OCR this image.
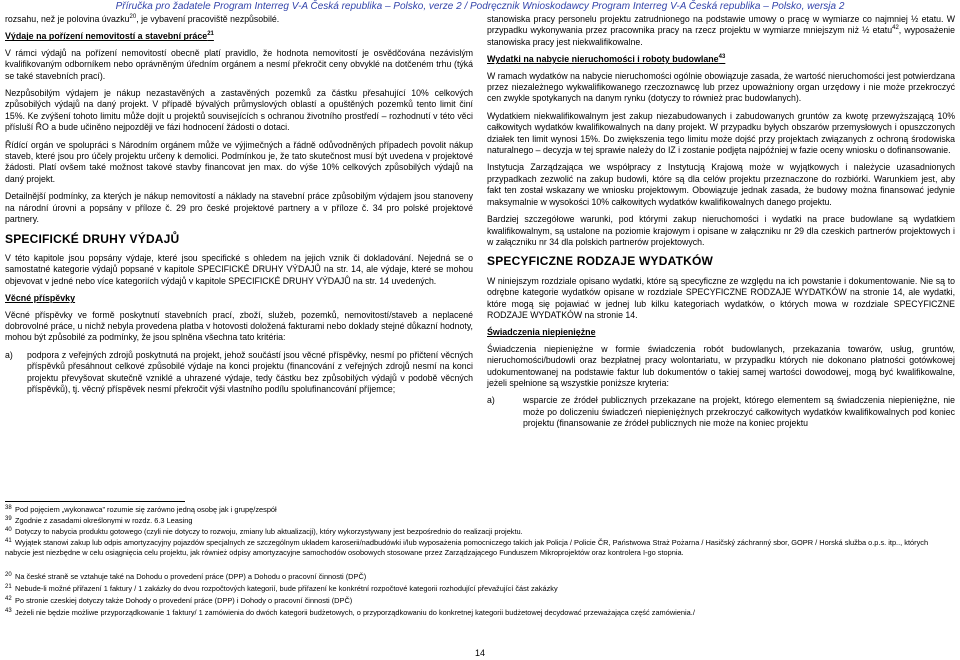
Příručka pro žadatele Program Interreg V-A Česká republika – Polsko, verze 2 / Podręcznik Wnioskodawcy Program Interreg V-A Česká republika – Polsko, wersja 2

rozsahu, než je polovina úvazku$^{20}$, je vybavení pracoviště nezpůsobilé.

Výdaje na pořízení nemovitostí a stavební práce$^{21}$

V rámci výdajů na pořízení nemovitostí obecně platí pravidlo, že hodnota nemovitostí je osvědčována nezávislým kvalifikovaným odborníkem nebo oprávněným úředním orgánem a nesmí překročit ceny obvyklé na dotčeném trhu (týká se také stavebních prací).

Nezpůsobilým výdajem je nákup nezastavěných a zastavěných pozemků za částku přesahující 10% celkových způsobilých výdajů na daný projekt. V případě bývalých průmyslových oblastí a opuštěných pozemků tento limit činí 15%. Ke zvýšení tohoto limitu může dojít u projektů souvisejících s ochranou životního prostředí – rozhodnutí v této věci přísluší ŘO a bude učiněno nejpozději ve fázi hodnocení žádosti o dotaci.

Řídící orgán ve spolupráci s Národním orgánem může ve výjimečných a řádně odůvodněných případech povolit nákup staveb, které jsou pro účely projektu určeny k demolici. Podmínkou je, že tato skutečnost musí být uvedena v projektové žádosti. Platí ovšem také možnost takové stavby financovat jen max. do výše 10% celkových způsobilých výdajů na daný projekt.

Detailnější podmínky, za kterých je nákup nemovitostí a náklady na stavební práce způsobilým výdajem jsou stanoveny na národní úrovni a popsány v příloze č. 29 pro české projektové partnery a v příloze č. 34 pro polské projektové partnery.

SPECIFICKÉ DRUHY VÝDAJŮ

V této kapitole jsou popsány výdaje, které jsou specifické s ohledem na jejich vznik či dokladování. Nejedná se o samostatné kategorie výdajů popsané v kapitole SPECIFICKÉ DRUHY VÝDAJŮ na str. 14, ale výdaje, které se mohou objevovat v jedné nebo více kategoriích výdajů v kapitole SPECIFICKÉ DRUHY VÝDAJŮ na str. 14 uvedených.

Věcné příspěvky

Věcné příspěvky ve formě poskytnutí stavebních prací, zboží, služeb, pozemků, nemovitostí/staveb a neplacené dobrovolné práce, u nichž nebyla provedena platba v hotovosti doložená fakturami nebo doklady stejné důkazní hodnoty, mohou být způsobilé za podmínky, že jsou splněna všechna tato kritéria:

a)	podpora z veřejných zdrojů poskytnutá na projekt, jehož součástí jsou věcné příspěvky, nesmí po přičtení věcných příspěvků přesáhnout celkové způsobilé výdaje na konci projektu (financování z veřejných zdrojů nesmí na konci projektu převyšovat skutečně vzniklé a uhrazené výdaje, tedy částku bez způsobilých výdajů v podobě věcných příspěvků), tj. věcný příspěvek nesmí překročit výši vlastního podílu spolufinancování příjemce;

stanowiska pracy personelu projektu zatrudnionego na podstawie umowy o pracę w wymiarze co najmniej ½ etatu. W przypadku wykonywania przez pracownika pracy na rzecz projektu w wymiarze mniejszym niż ½ etatu$^{42}$, wyposażenie stanowiska pracy jest niekwalifikowalne.

Wydatki na nabycie nieruchomości i roboty budowlane$^{43}$

W ramach wydatków na nabycie nieruchomości ogólnie obowiązuje zasada, że wartość nieruchomości jest potwierdzana przez niezależnego wykwalifikowanego rzeczoznawcę lub przez upoważniony organ urzędowy i nie może przekroczyć cen zwykle spotykanych na danym rynku (dotyczy to również prac budowlanych).

Wydatkiem niekwalifikowalnym jest zakup niezabudowanych i zabudowanych gruntów za kwotę przewyższającą 10% całkowitych wydatków kwalifikowalnych na dany projekt. W przypadku byłych obszarów przemysłowych i opuszczonych działek ten limit wynosi 15%. Do zwiększenia tego limitu może dojść przy projektach związanych z ochroną środowiska naturalnego – decyzja w tej sprawie należy do IZ i zostanie podjęta najpóźniej w fazie oceny wniosku o dofinansowanie.

Instytucja Zarządzająca we współpracy z Instytucją Krajową może w wyjątkowych i należycie uzasadnionych przypadkach zezwolić na zakup budowli, które są dla celów projektu przeznaczone do rozbiórki. Warunkiem jest, aby fakt ten został wskazany we wniosku projektowym. Obowiązuje jednak zasada, że budowy można finansować jedynie maksymalnie w wysokości 10% całkowitych wydatków kwalifikowalnych danego projektu.

Bardziej szczegółowe warunki, pod którymi zakup nieruchomości i wydatki na prace budowlane są wydatkiem kwalifikowalnym, są ustalone na poziomie krajowym i opisane w załączniku nr 29 dla czeskich partnerów projektowych i w załączniku nr 34 dla polskich partnerów projektowych.

SPECYFICZNE RODZAJE WYDATKÓW

W niniejszym rozdziale opisano wydatki, które są specyficzne ze względu na ich powstanie i dokumentowanie. Nie są to odrębne kategorie wydatków opisane w rozdziale SPECYFICZNE RODZAJE WYDATKÓW na stronie 14, ale wydatki, które mogą się pojawiać w jednej lub kilku kategoriach wydatków, o których mowa w rozdziale SPECYFICZNE RODZAJE WYDATKÓW na stronie 14.

Świadczenia niepieniężne

Świadczenia niepieniężne w formie świadczenia robót budowlanych, przekazania towarów, usług, gruntów, nieruchomości/budowli oraz bezpłatnej pracy wolontariatu, w przypadku których nie dokonano płatności gotówkowej udokumentowanej na podstawie faktur lub dokumentów o takiej samej wartości dowodowej, mogą być kwalifikowalne, jeżeli spełnione są wszystkie poniższe kryteria:

a)	wsparcie ze źródeł publicznych przekazane na projekt, którego elementem są świadczenia niepieniężne, nie może po doliczeniu świadczeń niepieniężnych przekroczyć całkowitych wydatków kwalifikowalnych pod koniec projektu (finansowanie ze źródeł publicznych nie może na koniec projektu
38 Pod pojęciem „wykonawca” rozumie się zarówno jedną osobę jak i grupę/zespół
39 Zgodnie z zasadami określonymi w rozdz. 6.3 Leasing
40 Dotyczy to nabycia produktu gotowego (czyli nie dotyczy to rozwoju, zmiany lub aktualizacji), który wykorzystywany jest bezpośrednio do realizacji projektu.
41 Wyjątek stanowi zakup lub odpis amortyzacyjny pojazdów specjalnych ze szczególnym układem karoserii/nadbudówki i/lub wyposażenia pomocniczego takich jak Policja / Policie ČR, Państwowa Straż Pożarna / Hasičský záchranný sbor, GOPR / Horská služba o.p.s. itp.., których nabycie jest niezbędne w celu osiągnięcia celu projektu, jak również odpisy amortyzacyjne samochodów osobowych stosowane przez Zarządzającego Funduszem Mikroprojektów oraz kontrolera I-go stopnia.
20 Na české straně se vztahuje také na Dohodu o provedení práce (DPP) a Dohodu o pracovní činnosti (DPČ)
21 Nebude-li možné přiřazení 1 faktury / 1 zakázky do dvou rozpočtových kategorií, bude přiřazení ke konkrétní rozpočtové kategorii rozhodující převažující část zakázky
42 Po stronie czeskiej dotyczy także Dohody o provedení práce (DPP) i Dohody o pracovní činnosti (DPČ)
43 Jeżeli nie będzie możliwe przyporządkowanie 1 faktury/ 1 zamówienia do dwóch kategorii budżetowych, o przyporządkowaniu do konkretnej kategorii budżetowej decydować przeważająca część zamówienia./
14
